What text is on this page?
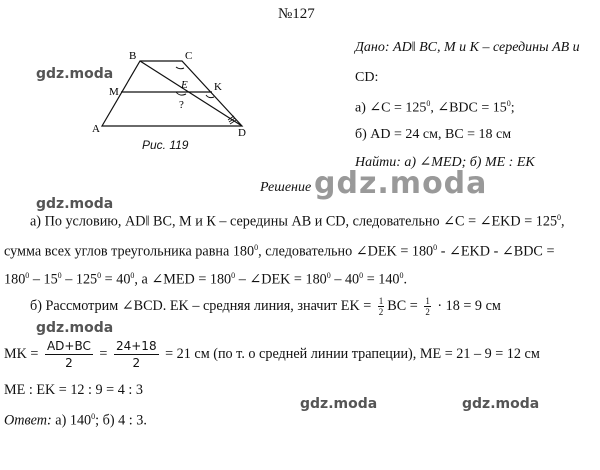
№127
Дано: AD‖ BC, M и К – середины AB и
CD:
а) ∠C = $125^0$, ∠BDC = $15^0$;
б) AD = 24 см, BC = 18 см
Найти: а) ∠MED; б) ME : EK
B	C
M	K
A	D
E
?
Рис. 119
Решение gdz.moda
gdz.moda
gdz.moda
gdz.moda
gdz.moda	gdz.moda
а) По условию, AD‖ BC, M и К – середины AB и CD, следовательно ∠C = ∠EKD = $125^0$,
сумма всех углов треугольника равна $180^0$, следовательно ∠DEK = $180^0$ - ∠EKD - ∠BDC =
$180^0 - 15^0 - 125^0 = 40^0$, а ∠MED = $180^0$ – ∠DEK = $180^0 - 40^0 = 140^0$.
б) Рассмотрим ∠BCD. EK – средняя линия, значит EK = $\frac{1}{2}$ BC = $\frac{1}{2} \cdot 18 = 9$ см
MK = $\frac{AD+BC}{2} = \frac{24+18}{2} = 21$ см (по т. о средней линии трапеции), ME = 21 – 9 = 12 см
ME : EK = 12 : 9 = 4 : 3
Ответ: а) $140^0$; б) 4 : 3.
